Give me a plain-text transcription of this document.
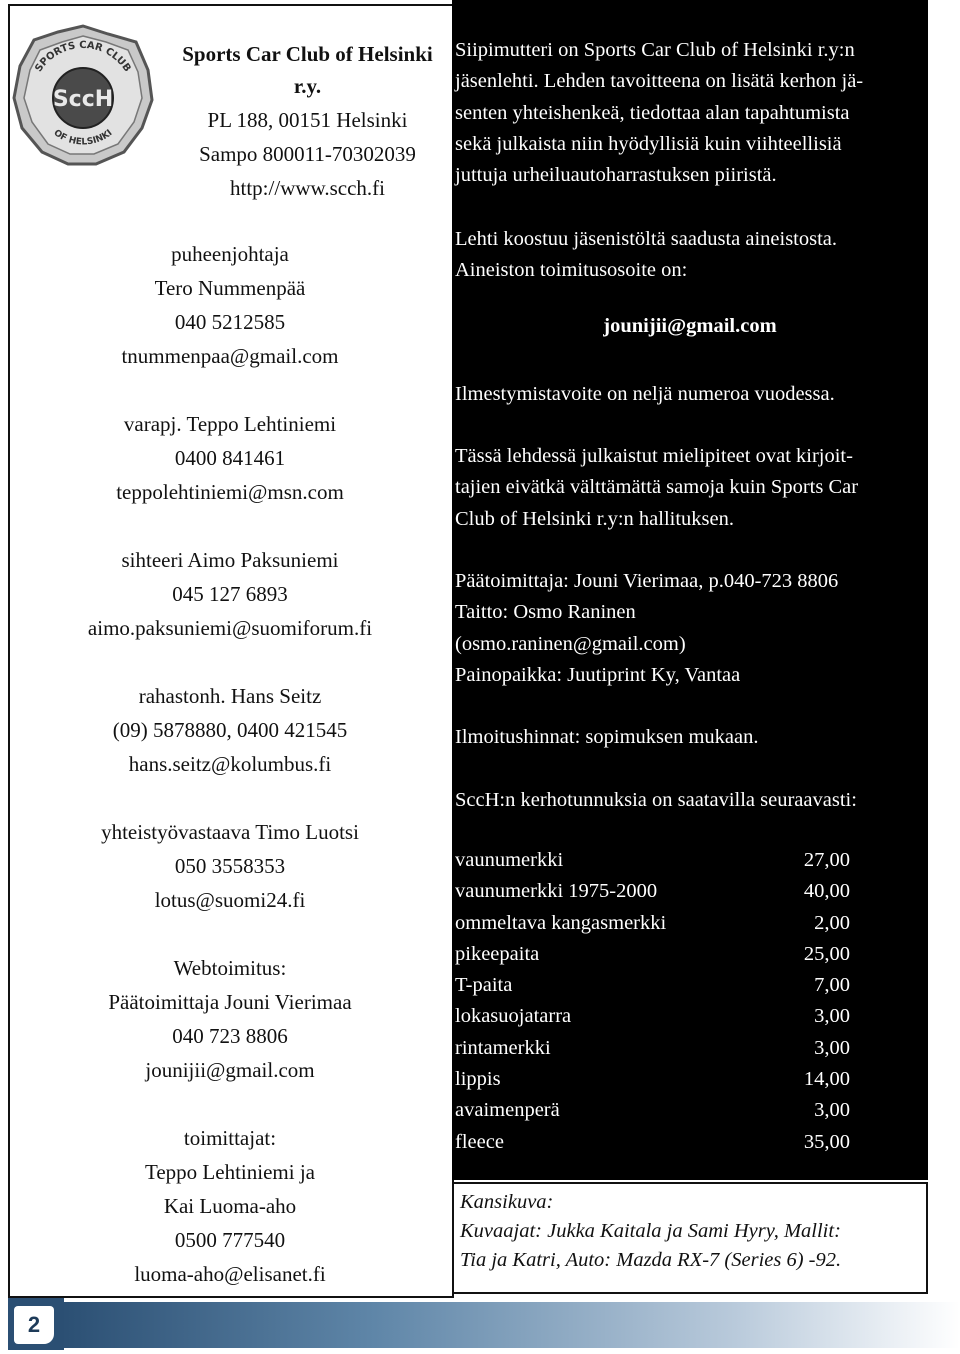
SPORTS CAR CLUB
OF HELSINKI
SccH
Sports Car Club of Helsinki
r.y.
PL 188, 00151 Helsinki
Sampo 800011-70302039
http://www.scch.fi
puheenjohtaja
Tero Nummenpää
040 5212585
tnummenpaa@gmail.com
varapj. Teppo Lehtiniemi
0400 841461
teppolehtiniemi@msn.com
sihteeri Aimo Paksuniemi
045 127 6893
aimo.paksuniemi@suomiforum.fi
rahastonh. Hans Seitz
(09) 5878880, 0400 421545
hans.seitz@kolumbus.fi
yhteistyövastaava Timo Luotsi
050 3558353
lotus@suomi24.fi
Webtoimitus:
Päätoimittaja Jouni Vierimaa
040 723 8806
jounijii@gmail.com
toimittajat:
Teppo Lehtiniemi ja
Kai Luoma-aho
0500 777540
luoma-aho@elisanet.fi
Siipimutteri on Sports Car Club of Helsinki r.y:n
jäsenlehti. Lehden tavoitteena on lisätä kerhon jä-
senten yhteishenkeä, tiedottaa alan tapahtumista
sekä julkaista niin hyödyllisiä kuin viihteellisiä
juttuja urheiluautoharrastuksen piiristä.
Lehti koostuu jäsenistöltä saadusta aineistosta.
Aineiston toimitusosoite on:
jounijii@gmail.com
Ilmestymistavoite on neljä numeroa vuodessa.
Tässä lehdessä julkaistut mielipiteet ovat kirjoit-
tajien eivätkä välttämättä samoja kuin Sports Car
Club of Helsinki r.y:n hallituksen.
Päätoimittaja: Jouni Vierimaa, p.040-723 8806
Taitto: Osmo Raninen
(osmo.raninen@gmail.com)
Painopaikka: Juutiprint Ky, Vantaa
Ilmoitushinnat: sopimuksen mukaan.
SccH:n kerhotunnuksia on saatavilla seuraavasti:
vaunumerkki	27,00
vaunumerkki 1975-2000	40,00
ommeltava kangasmerkki	2,00
pikeepaita	25,00
T-paita	7,00
lokasuojatarra	3,00
rintamerkki	3,00
lippis	14,00
avaimenperä	3,00
fleece	35,00
Kansikuva:
Kuvaajat: Jukka Kaitala ja Sami Hyry, Mallit:
Tia ja Katri, Auto: Mazda RX-7 (Series 6) -92.
2
